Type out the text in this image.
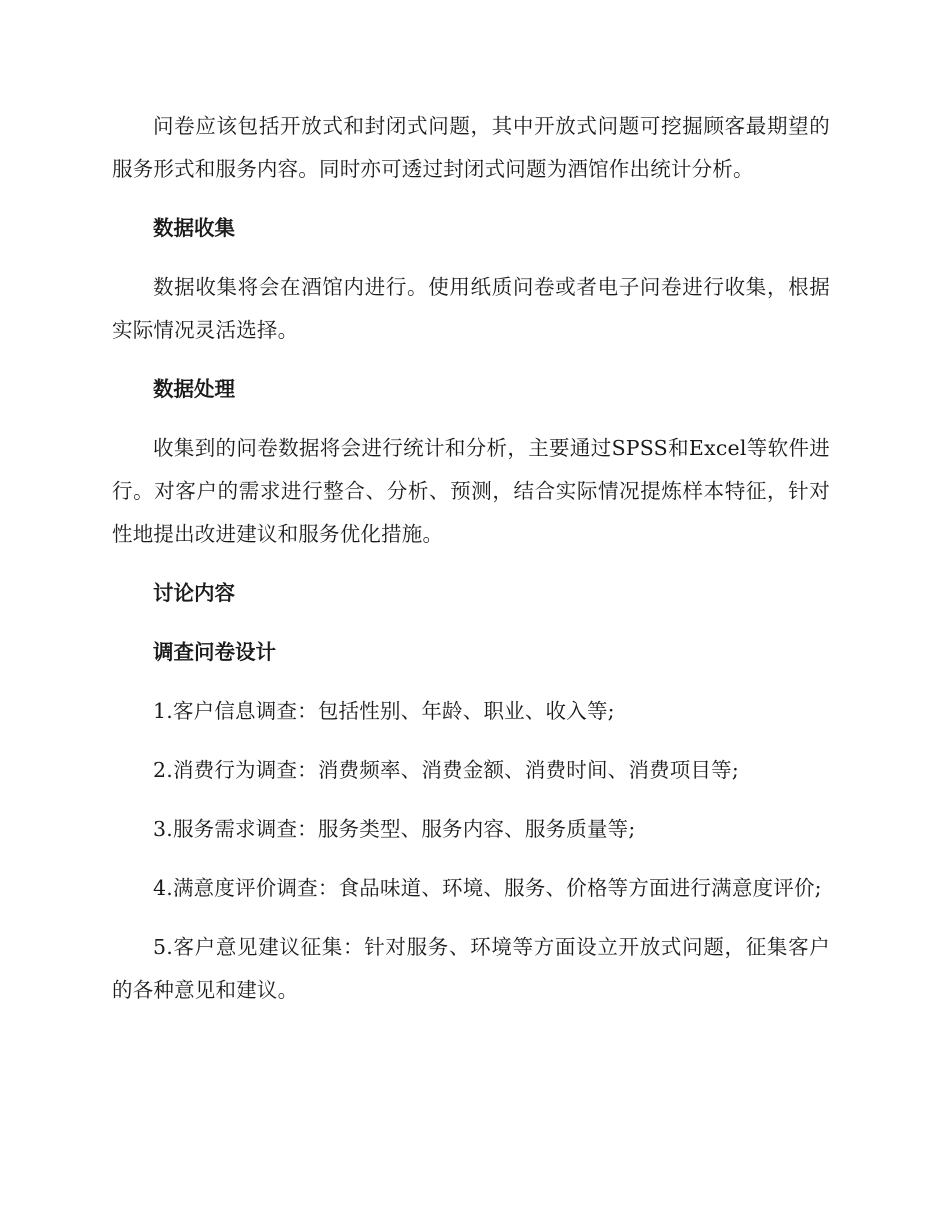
问卷应该包括开放式和封闭式问题，其中开放式问题可挖掘顾客最期望的服务形式和服务内容。同时亦可透过封闭式问题为酒馆作出统计分析。

数据收集

数据收集将会在酒馆内进行。使用纸质问卷或者电子问卷进行收集，根据实际情况灵活选择。

数据处理

收集到的问卷数据将会进行统计和分析，主要通过SPSS和Excel等软件进行。对客户的需求进行整合、分析、预测，结合实际情况提炼样本特征，针对性地提出改进建议和服务优化措施。

讨论内容

调查问卷设计

1.客户信息调查：包括性别、年龄、职业、收入等;

2.消费行为调查：消费频率、消费金额、消费时间、消费项目等;

3.服务需求调查：服务类型、服务内容、服务质量等;

4.满意度评价调查：食品味道、环境、服务、价格等方面进行满意度评价;

5.客户意见建议征集：针对服务、环境等方面设立开放式问题，征集客户的各种意见和建议。
